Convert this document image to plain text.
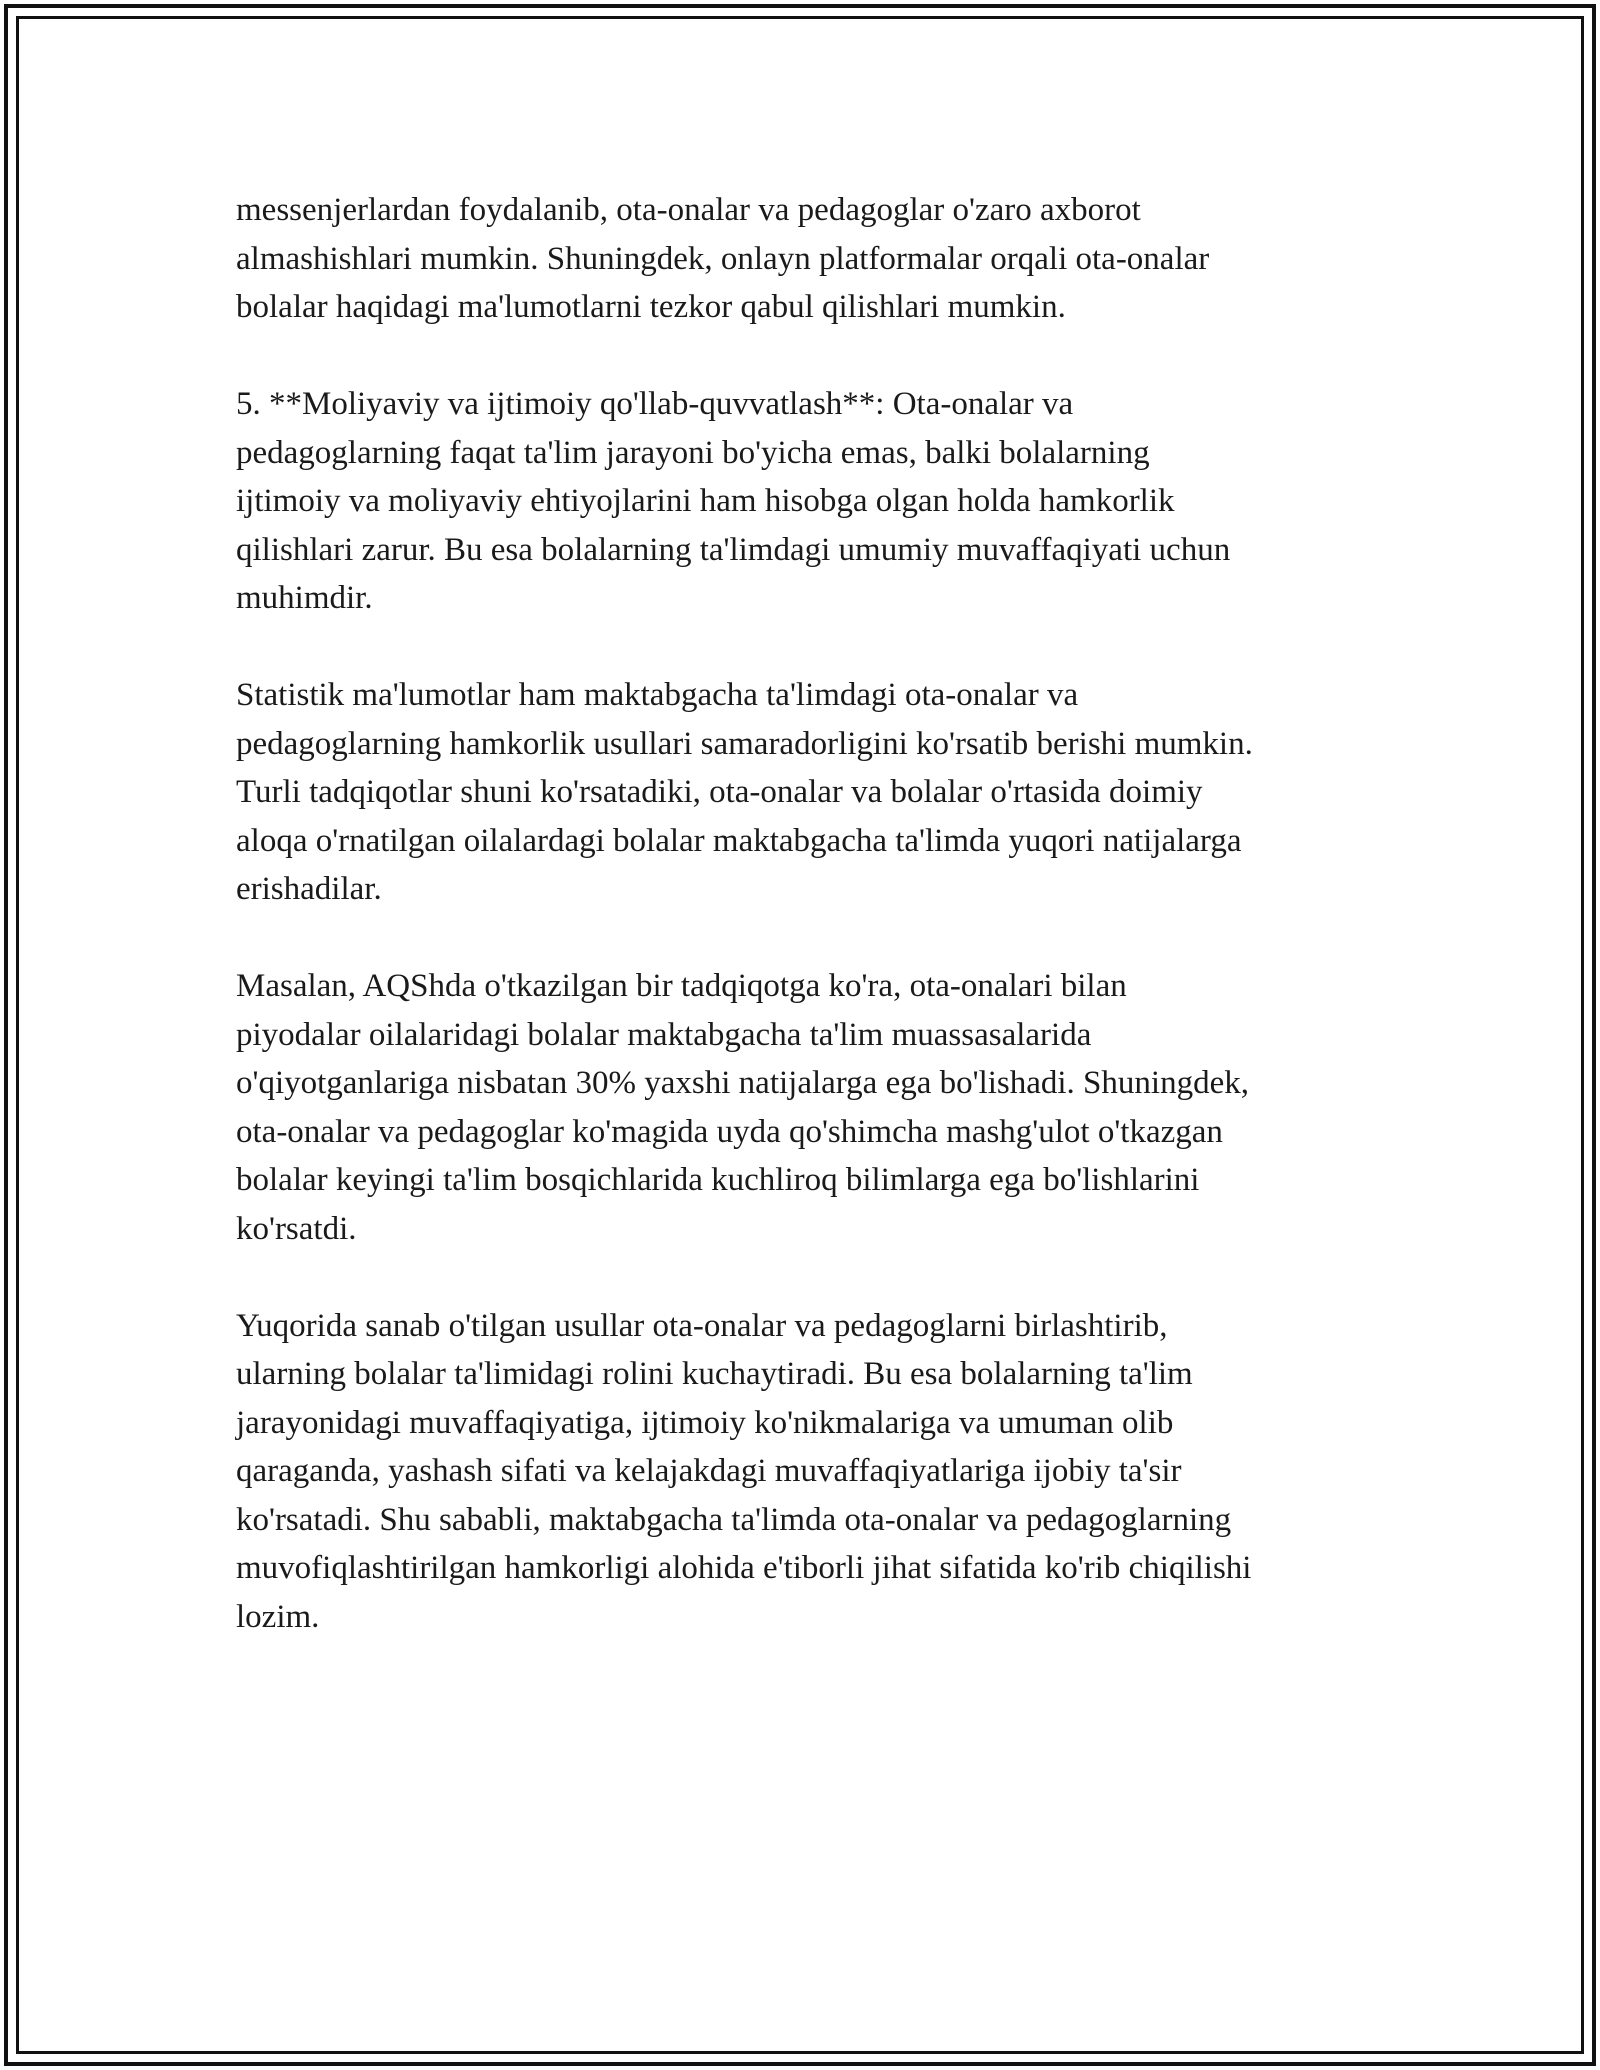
messenjerlardan foydalanib, ota-onalar va pedagoglar o'zaro axborot
almashishlari mumkin. Shuningdek, onlayn platformalar orqali ota-onalar
bolalar haqidagi ma'lumotlarni tezkor qabul qilishlari mumkin.

5. **Moliyaviy va ijtimoiy qo'llab-quvvatlash**: Ota-onalar va
pedagoglarning faqat ta'lim jarayoni bo'yicha emas, balki bolalarning
ijtimoiy va moliyaviy ehtiyojlarini ham hisobga olgan holda hamkorlik
qilishlari zarur. Bu esa bolalarning ta'limdagi umumiy muvaffaqiyati uchun
muhimdir.

Statistik ma'lumotlar ham maktabgacha ta'limdagi ota-onalar va
pedagoglarning hamkorlik usullari samaradorligini ko'rsatib berishi mumkin.
Turli tadqiqotlar shuni ko'rsatadiki, ota-onalar va bolalar o'rtasida doimiy
aloqa o'rnatilgan oilalardagi bolalar maktabgacha ta'limda yuqori natijalarga
erishadilar.

Masalan, AQShda o'tkazilgan bir tadqiqotga ko'ra, ota-onalari bilan
piyodalar oilalaridagi bolalar maktabgacha ta'lim muassasalarida
o'qiyotganlariga nisbatan 30% yaxshi natijalarga ega bo'lishadi. Shuningdek,
ota-onalar va pedagoglar ko'magida uyda qo'shimcha mashg'ulot o'tkazgan
bolalar keyingi ta'lim bosqichlarida kuchliroq bilimlarga ega bo'lishlarini
ko'rsatdi.

Yuqorida sanab o'tilgan usullar ota-onalar va pedagoglarni birlashtirib,
ularning bolalar ta'limidagi rolini kuchaytiradi. Bu esa bolalarning ta'lim
jarayonidagi muvaffaqiyatiga, ijtimoiy ko'nikmalariga va umuman olib
qaraganda, yashash sifati va kelajakdagi muvaffaqiyatlariga ijobiy ta'sir
ko'rsatadi. Shu sababli, maktabgacha ta'limda ota-onalar va pedagoglarning
muvofiqlashtirilgan hamkorligi alohida e'tiborli jihat sifatida ko'rib chiqilishi
lozim.
